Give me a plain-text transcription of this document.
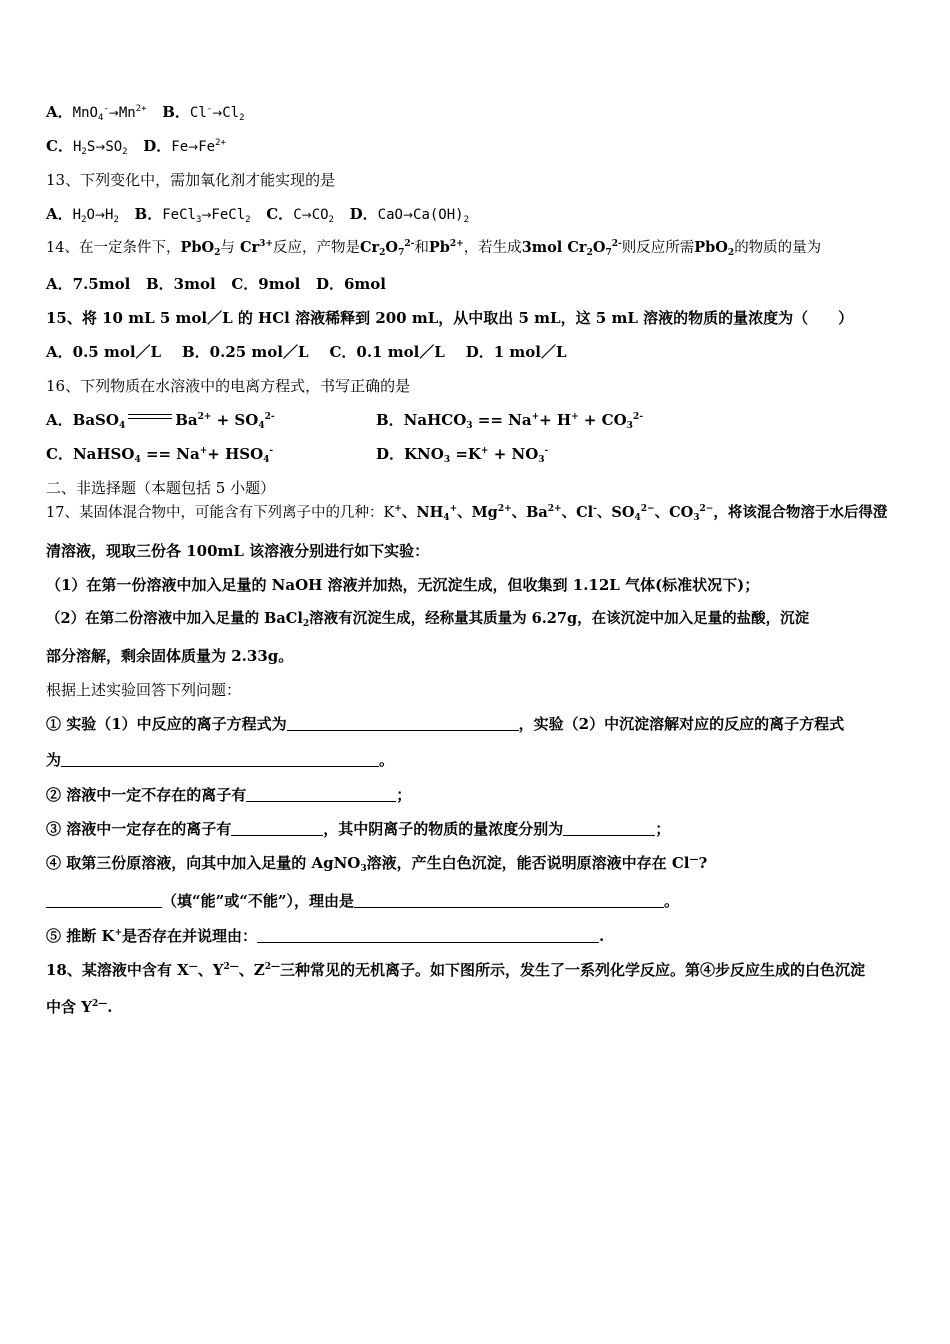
A．$MnO_4^-\to Mn^{2+}$ B．$Cl^-\to Cl_2$
C．$H_2S\to SO_2$ D．$Fe\to Fe^{2+}$
13、下列变化中，需加氧化剂才能实现的是
A．$H_2O\to H_2$ B．FeCl$_3$→FeCl$_2$ C．$C\to CO_2$ D．$CaO\to Ca(OH)_2$
14、在一定条件下，PbO$_2$与 $Cr^{3+}$反应，产物是$Cr_2O_7^{2-}$和$Pb^{2+}$，若生成3mol $Cr_2O_7^{2-}$则反应所需PbO$_2$的物质的量为
A．7.5mol B．3mol C．9mol D．6mol
15、将 10 mL 5 mol／L 的 HCl 溶液稀释到 200 mL，从中取出 5 mL，这 5 mL 溶液的物质的量浓度为（　　）
A．0.5 mol／L B．0.25 mol／L C．0.1 mol／L D．1 mol／L
16、下列物质在水溶液中的电离方程式，书写正确的是
A．BaSO$_4$	$Ba^{2+} + SO_4^{2-}$	B．NaHCO$_3$ == $Na^++ H^+ + CO_3^{2-}$
C．NaHSO$_4$ == $Na^++ HSO_4^-$	D．$KNO_3 =K^+ + NO_3^-$
二、非选择题（本题包括 5 小题）
17、某固体混合物中，可能含有下列离子中的几种：K+、$NH_4^+$、$Mg^{2+}$、$Ba^{2+}$、Cl-、$SO_4^{2-}$、$CO_3^{2-}$，将该混合物溶于水后得澄
清溶液，现取三份各 100mL 该溶液分别进行如下实验：
（1）在第一份溶液中加入足量的 NaOH 溶液并加热，无沉淀生成，但收集到 1.12L 气体(标准状况下)；
（2）在第二份溶液中加入足量的 BaCl$_2$溶液有沉淀生成，经称量其质量为 6.27g，在该沉淀中加入足量的盐酸，沉淀
部分溶解，剩余固体质量为 2.33g。
根据上述实验回答下列问题：
① 实验（1）中反应的离子方程式为	，实验（2）中沉淀溶解对应的反应的离子方程式
为	。
② 溶液中一定不存在的离子有	；
③ 溶液中一定存在的离子有	，其中阴离子的物质的量浓度分别为	；
④ 取第三份原溶液，向其中加入足量的 AgNO$_3$溶液，产生白色沉淀，能否说明原溶液中存在 Cl—?
（填“能”或“不能”），理由是	。
⑤ 推断 K+是否存在并说理由：	.
18、某溶液中含有 X—、$Y^{2—}$、$Z^{2—}$三种常见的无机离子。如下图所示，发生了一系列化学反应。第④步反应生成的白色沉淀
中含 $Y^{2—}$.
